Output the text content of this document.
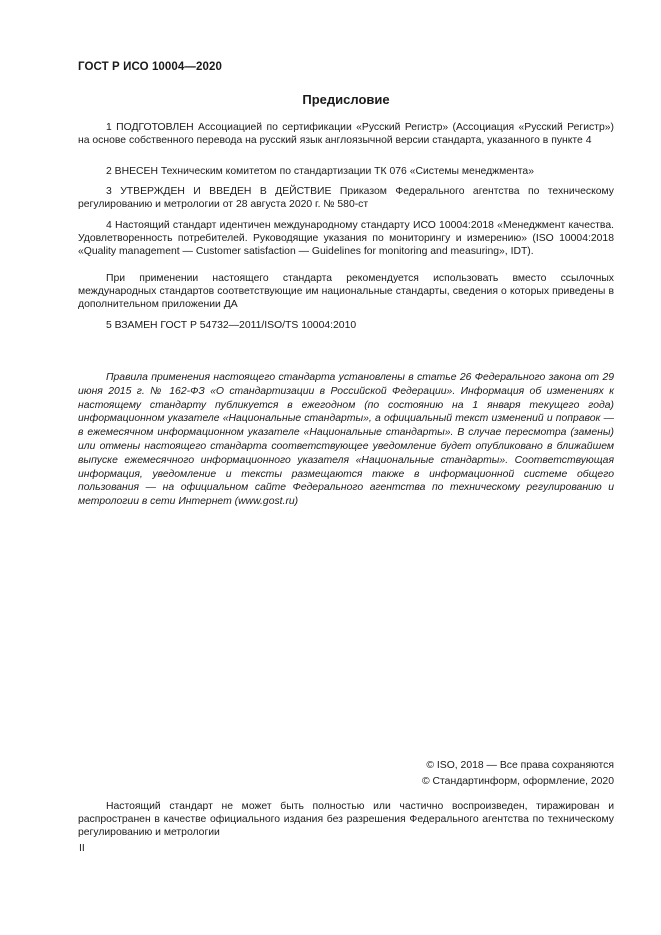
ГОСТ Р ИСО 10004—2020
Предисловие

1 ПОДГОТОВЛЕН Ассоциацией по сертификации «Русский Регистр» (Ассоциация «Русский Регистр») на основе собственного перевода на русский язык англоязычной версии стандарта, указанного в пункте 4

2 ВНЕСЕН Техническим комитетом по стандартизации ТК 076 «Системы менеджмента»

3 УТВЕРЖДЕН И ВВЕДЕН В ДЕЙСТВИЕ Приказом Федерального агентства по техническому регулированию и метрологии от 28 августа 2020 г. № 580-ст

4 Настоящий стандарт идентичен международному стандарту ИСО 10004:2018 «Менеджмент качества. Удовлетворенность потребителей. Руководящие указания по мониторингу и измерению» (ISO 10004:2018 «Quality management — Customer satisfaction — Guidelines for monitoring and measuring», IDT).

При применении настоящего стандарта рекомендуется использовать вместо ссылочных международных стандартов соответствующие им национальные стандарты, сведения о которых приведены в дополнительном приложении ДА

5 ВЗАМЕН ГОСТ Р 54732—2011/ISO/TS 10004:2010

Правила применения настоящего стандарта установлены в статье 26 Федерального закона от 29 июня 2015 г. № 162-ФЗ «О стандартизации в Российской Федерации». Информация об изменениях к настоящему стандарту публикуется в ежегодном (по состоянию на 1 января текущего года) информационном указателе «Национальные стандарты», а официальный текст изменений и поправок — в ежемесячном информационном указателе «Национальные стандарты». В случае пересмотра (замены) или отмены настоящего стандарта соответствующее уведомление будет опубликовано в ближайшем выпуске ежемесячного информационного указателя «Национальные стандарты». Соответствующая информация, уведомление и тексты размещаются также в информационной системе общего пользования — на официальном сайте Федерального агентства по техническому регулированию и метрологии в сети Интернет (www.gost.ru)

© ISO, 2018 — Все права сохраняются
© Стандартинформ, оформление, 2020

Настоящий стандарт не может быть полностью или частично воспроизведен, тиражирован и распространен в качестве официального издания без разрешения Федерального агентства по техническому регулированию и метрологии

II
